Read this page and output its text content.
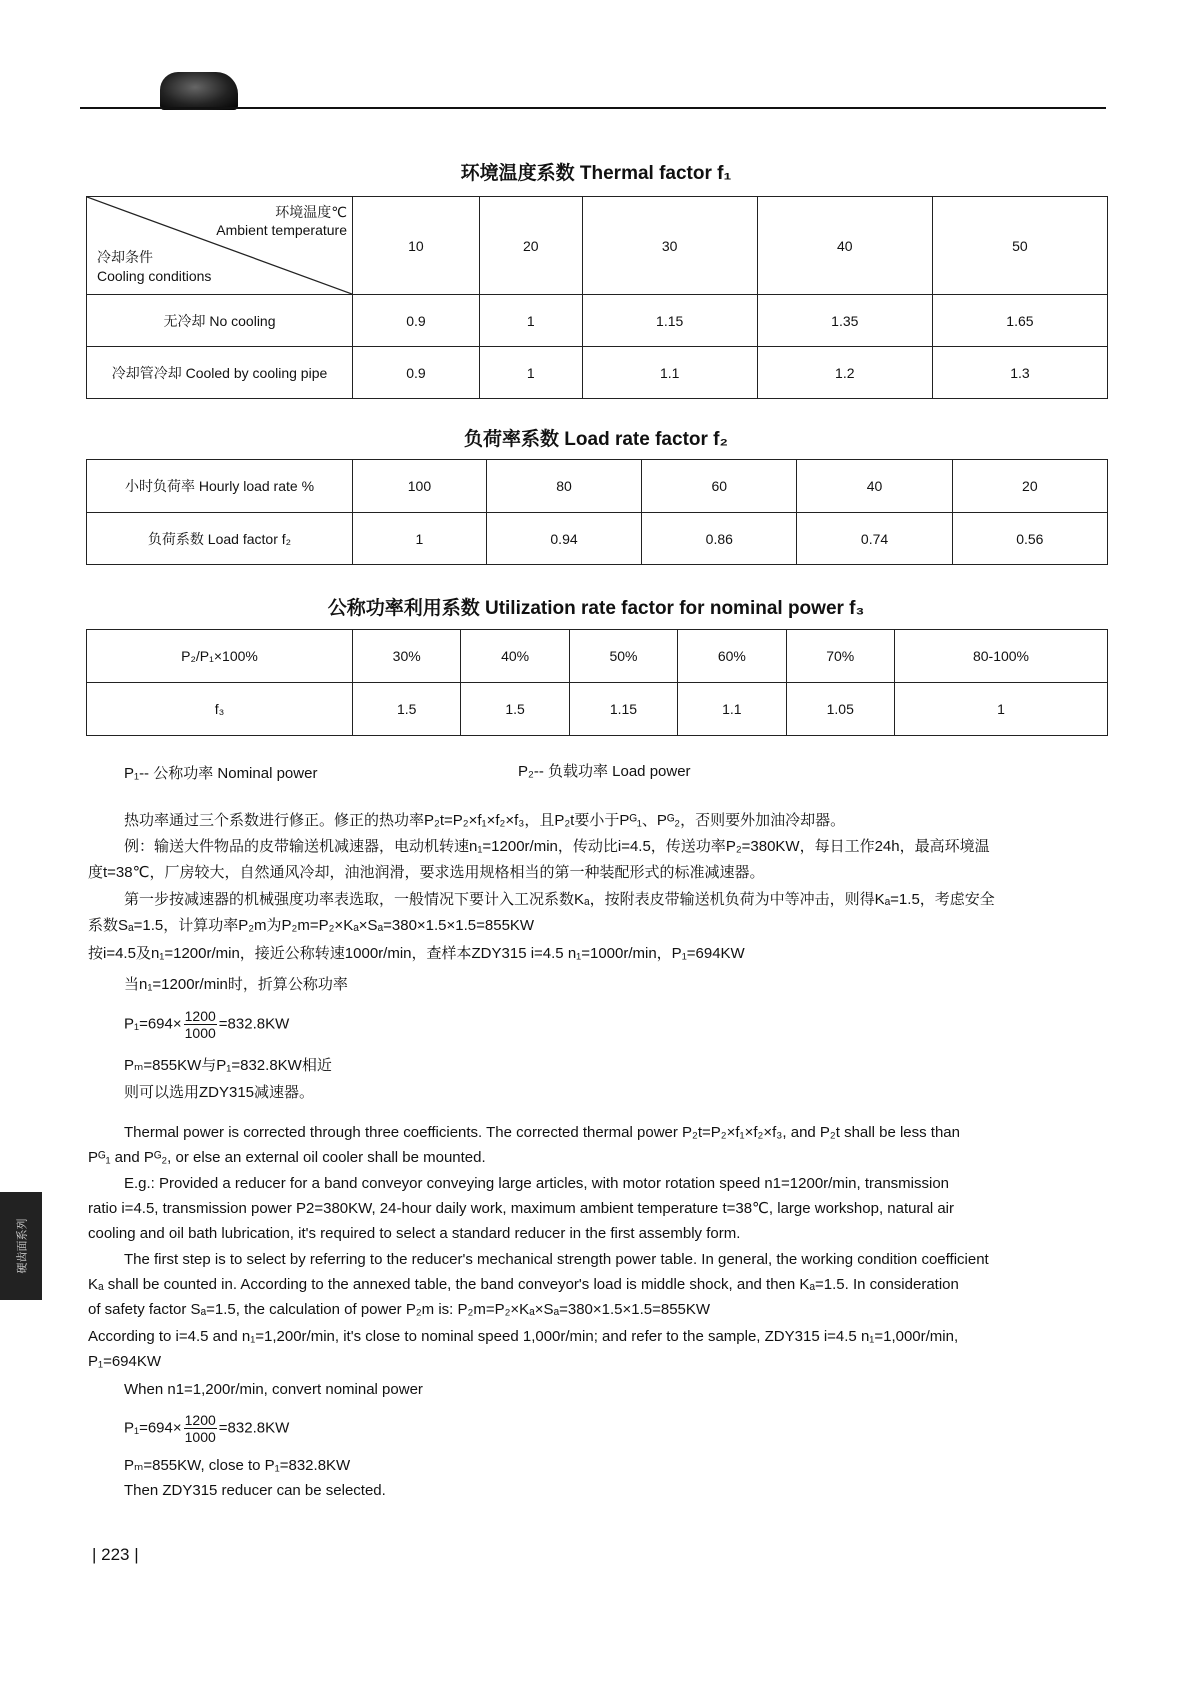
硬齿面系列
环境温度系数 Thermal factor f₁
环境温度℃
Ambient temperature
冷却条件
Cooling conditions	10	20	30	40	50
无冷却 No cooling	0.9	1	1.15	1.35	1.65
冷却管冷却 Cooled by cooling pipe	0.9	1	1.1	1.2	1.3
负荷率系数 Load rate factor f₂
小时负荷率 Hourly load rate %	100	80	60	40	20
负荷系数 Load factor f₂	1	0.94	0.86	0.74	0.56
公称功率利用系数 Utilization rate factor for nominal power f₃
P₂/P₁×100%	30%	40%	50%	60%	70%	80-100%
f₃	1.5	1.5	1.15	1.1	1.05	1
P₁-- 公称功率 Nominal power	P₂-- 负载功率 Load power
热功率通过三个系数进行修正。修正的热功率P₂t=P₂×f₁×f₂×f₃，且P₂t要小于Pᴳ₁、Pᴳ₂，否则要外加油冷却器。
例：输送大件物品的皮带输送机减速器，电动机转速n₁=1200r/min，传动比i=4.5，传送功率P₂=380KW，每日工作24h，最高环境温
度t=38℃，厂房较大，自然通风冷却，油池润滑，要求选用规格相当的第一种装配形式的标准减速器。
第一步按减速器的机械强度功率表选取，一般情况下要计入工况系数Kₐ，按附表皮带输送机负荷为中等冲击，则得Kₐ=1.5，考虑安全
系数Sₐ=1.5，计算功率P₂m为P₂m=P₂×Kₐ×Sₐ=380×1.5×1.5=855KW
按i=4.5及n₁=1200r/min，接近公称转速1000r/min，查样本ZDY315 i=4.5 n₁=1000r/min，P₁=694KW
当n₁=1200r/min时，折算公称功率
$P_1=694\times \frac{1200}{1000} =832.8KW$
Pₘ=855KW与P₁=832.8KW相近
则可以选用ZDY315减速器。
Thermal power is corrected through three coefficients. The corrected thermal power P₂t=P₂×f₁×f₂×f₃, and P₂t shall be less than
Pᴳ₁ and Pᴳ₂, or else an external oil cooler shall be mounted.
E.g.: Provided a reducer for a band conveyor conveying large articles, with motor rotation speed n1=1200r/min, transmission
ratio i=4.5, transmission power P2=380KW, 24-hour daily work, maximum ambient temperature t=38℃, large workshop, natural air
cooling and oil bath lubrication, it's required to select a standard reducer in the first assembly form.
The first step is to select by referring to the reducer's mechanical strength power table. In general, the working condition coefficient
Kₐ shall be counted in. According to the annexed table, the band conveyor's load is middle shock, and then Kₐ=1.5. In consideration
of safety factor Sₐ=1.5, the calculation of power P₂m is: P₂m=P₂×Kₐ×Sₐ=380×1.5×1.5=855KW
According to i=4.5 and n₁=1,200r/min, it's close to nominal speed 1,000r/min; and refer to the sample, ZDY315 i=4.5 n₁=1,000r/min,
P₁=694KW
When n1=1,200r/min, convert nominal power
$P_1=694\times \frac{1200}{1000} =832.8KW$
Pₘ=855KW, close to P₁=832.8KW
Then ZDY315 reducer can be selected.
| 223 |
